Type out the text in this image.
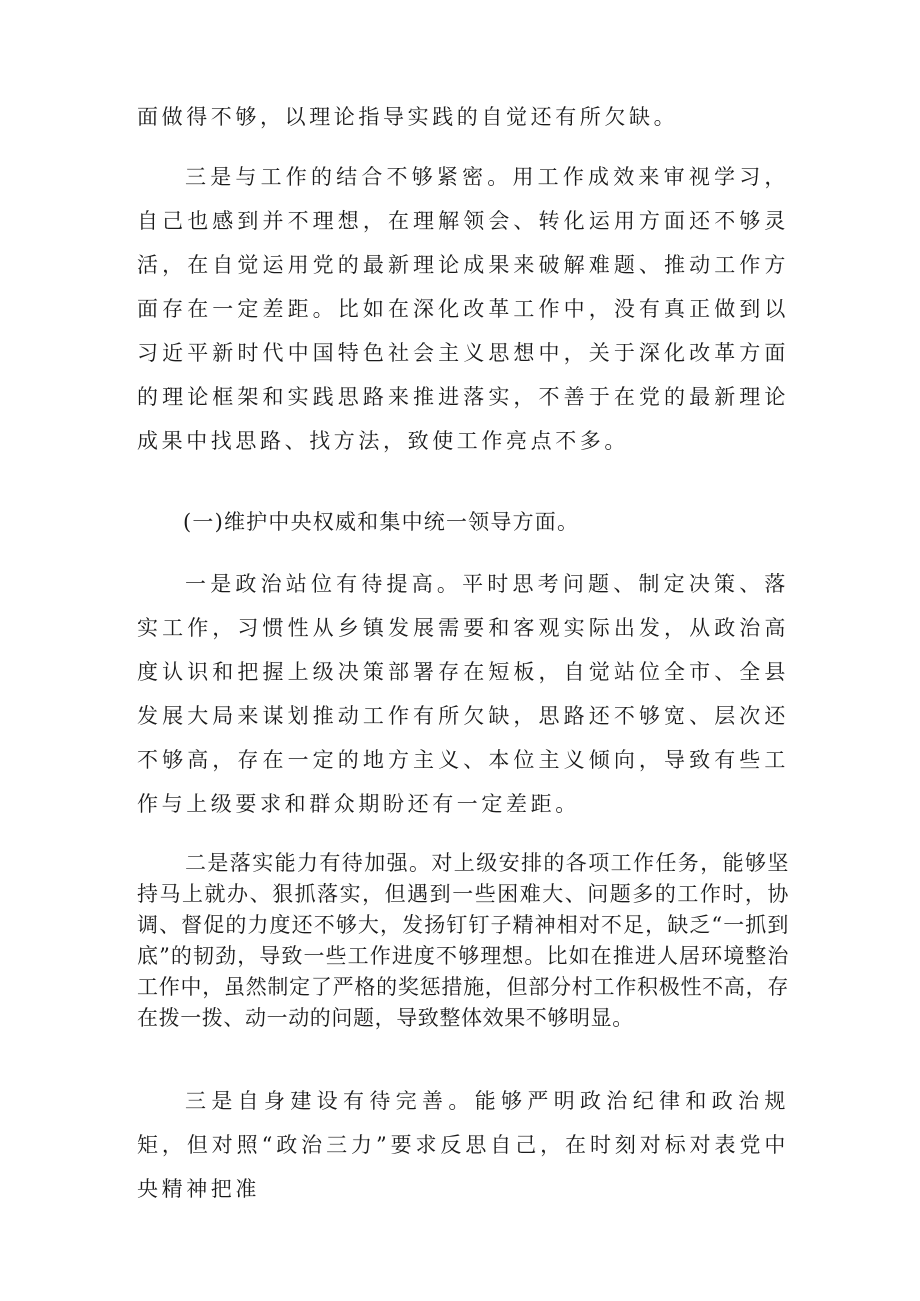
面做得不够，以理论指导实践的自觉还有所欠缺。

三是与工作的结合不够紧密。用工作成效来审视学习，自己也感到并不理想，在理解领会、转化运用方面还不够灵活，在自觉运用党的最新理论成果来破解难题、推动工作方面存在一定差距。比如在深化改革工作中，没有真正做到以习近平新时代中国特色社会主义思想中，关于深化改革方面的理论框架和实践思路来推进落实，不善于在党的最新理论成果中找思路、找方法，致使工作亮点不多。

(一)维护中央权威和集中统一领导方面。

一是政治站位有待提高。平时思考问题、制定决策、落实工作，习惯性从乡镇发展需要和客观实际出发，从政治高度认识和把握上级决策部署存在短板，自觉站位全市、全县发展大局来谋划推动工作有所欠缺，思路还不够宽、层次还不够高，存在一定的地方主义、本位主义倾向，导致有些工作与上级要求和群众期盼还有一定差距。

二是落实能力有待加强。对上级安排的各项工作任务，能够坚持马上就办、狠抓落实，但遇到一些困难大、问题多的工作时，协调、督促的力度还不够大，发扬钉钉子精神相对不足，缺乏“一抓到底”的韧劲，导致一些工作进度不够理想。比如在推进人居环境整治工作中，虽然制定了严格的奖惩措施，但部分村工作积极性不高，存在拨一拨、动一动的问题，导致整体效果不够明显。

三是自身建设有待完善。能够严明政治纪律和政治规矩，但对照“政治三力”要求反思自己，在时刻对标对表党中央精神把准
